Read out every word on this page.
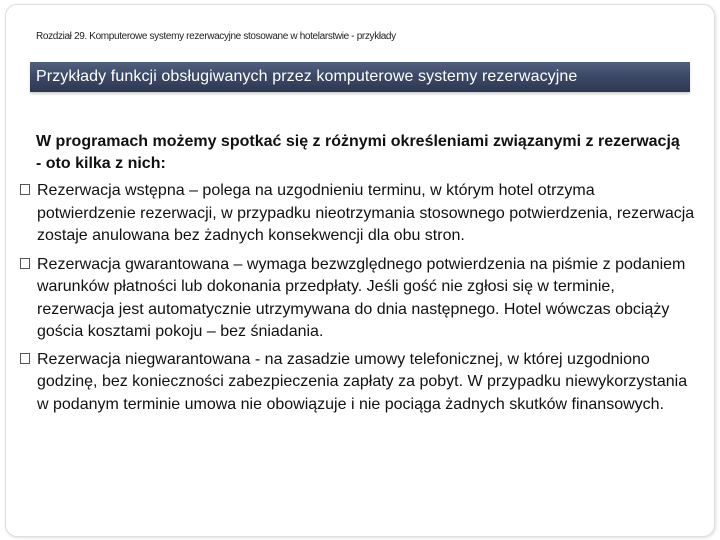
Rozdział 29. Komputerowe systemy rezerwacyjne stosowane w hotelarstwie - przykłady
Przykłady funkcji obsługiwanych przez komputerowe systemy rezerwacyjne
W programach możemy spotkać się z różnymi określeniami związanymi z rezerwacją - oto kilka z nich:
Rezerwacja wstępna – polega na uzgodnieniu terminu, w którym hotel otrzyma potwierdzenie rezerwacji, w przypadku nieotrzymania stosownego potwierdzenia, rezerwacja zostaje anulowana bez żadnych konsekwencji dla obu stron.
Rezerwacja gwarantowana – wymaga bezwzględnego potwierdzenia na piśmie z podaniem warunków płatności lub dokonania przedpłaty. Jeśli gość nie zgłosi się w terminie, rezerwacja jest automatycznie utrzymywana do dnia następnego. Hotel wówczas obciąży gościa kosztami pokoju – bez śniadania.
Rezerwacja niegwarantowana - na zasadzie umowy telefonicznej, w której uzgodniono godzinę, bez konieczności zabezpieczenia zapłaty za pobyt. W przypadku niewykorzystania w podanym terminie umowa nie obowiązuje i nie pociąga żadnych skutków finansowych.
